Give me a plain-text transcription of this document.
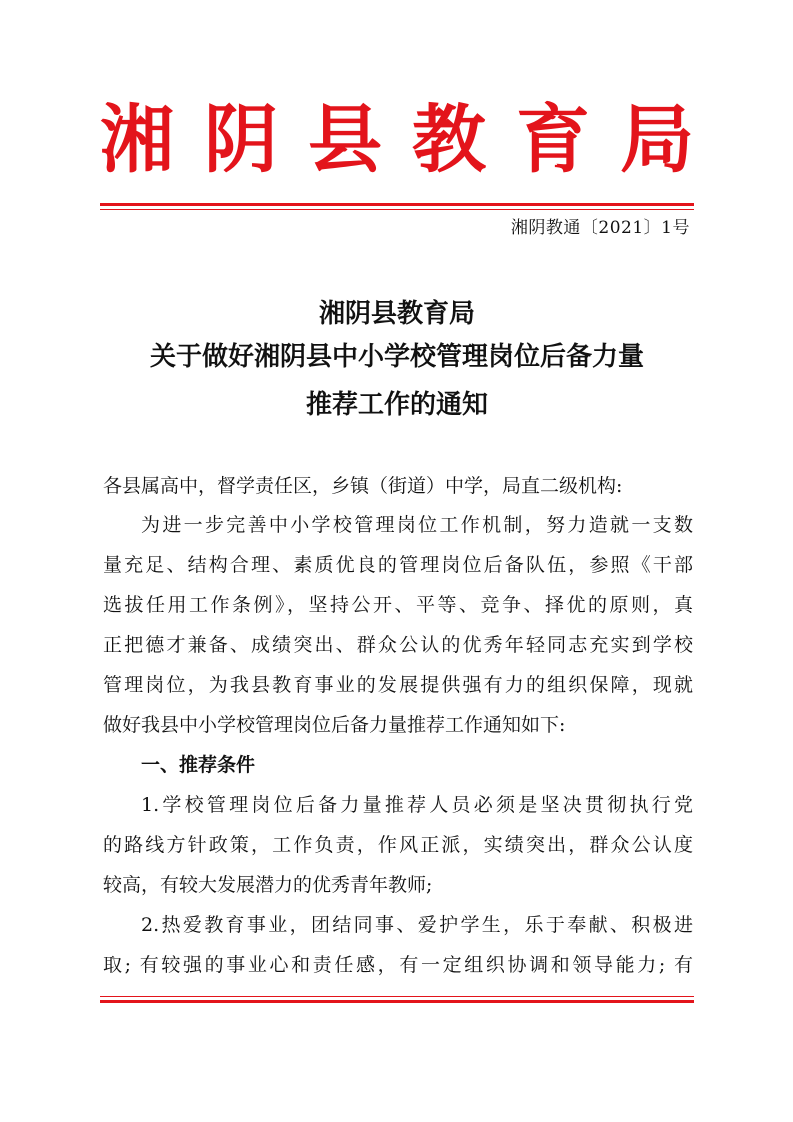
湘 阴 县 教 育 局
湘阴教通〔2021〕1号
湘阴县教育局
关于做好湘阴县中小学校管理岗位后备力量
推荐工作的通知
各县属高中，督学责任区，乡镇（街道）中学，局直二级机构:
为进一步完善中小学校管理岗位工作机制，努力造就一支数
量充足、结构合理、素质优良的管理岗位后备队伍，参照《干部
选拔任用工作条例》，坚持公开、平等、竞争、择优的原则，真
正把德才兼备、成绩突出、群众公认的优秀年轻同志充实到学校
管理岗位，为我县教育事业的发展提供强有力的组织保障，现就
做好我县中小学校管理岗位后备力量推荐工作通知如下:
一、推荐条件
1.学校管理岗位后备力量推荐人员必须是坚决贯彻执行党
的路线方针政策，工作负责，作风正派，实绩突出，群众公认度
较高，有较大发展潜力的优秀青年教师;
2.热爱教育事业，团结同事、爱护学生，乐于奉献、积极进
取; 有较强的事业心和责任感，有一定组织协调和领导能力; 有
